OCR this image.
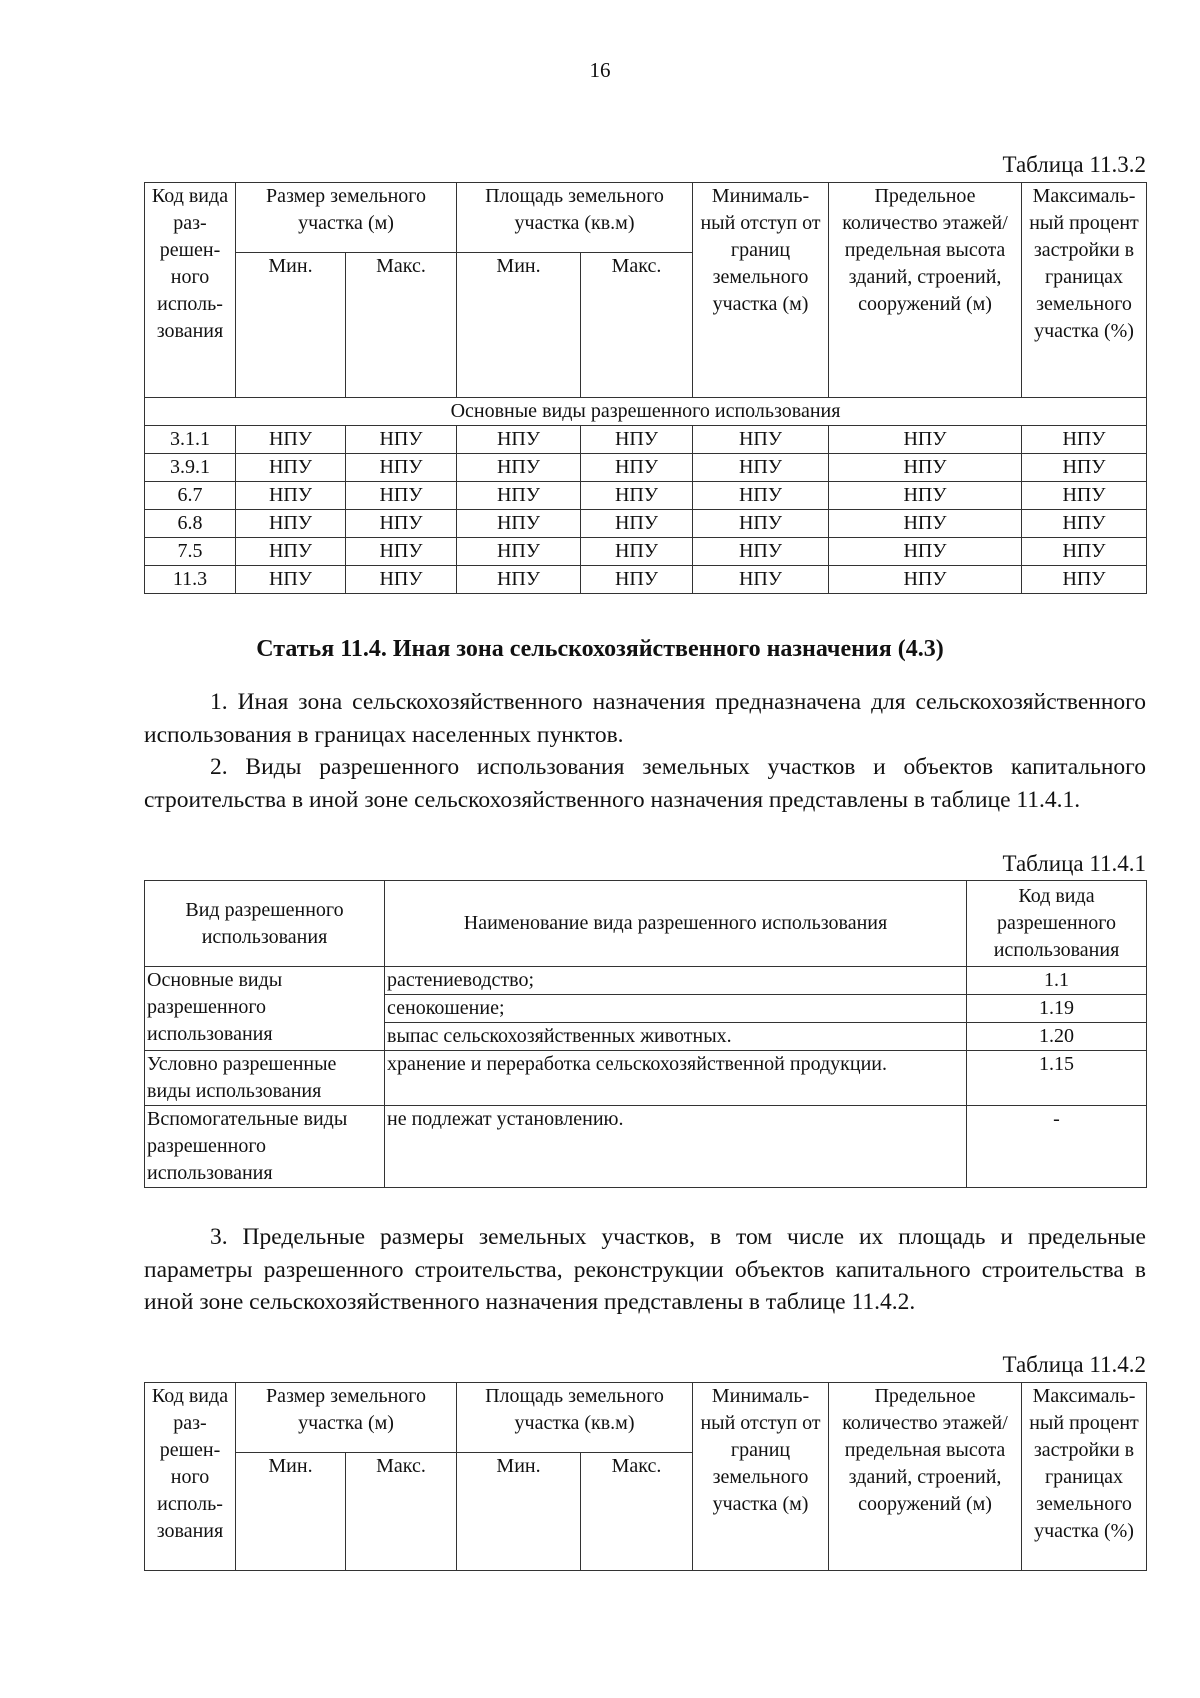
16
Таблица 11.3.2
Код вида раз-решен-ного исполь-зования	Размер земельного участка (м)		Площадь земельного участка (кв.м)		Минималь-ный отступ от границ земельного участка (м)	Предельное количество этажей/ предельная высота зданий, строений, сооружений (м)	Максималь-ный процент застройки в границах земельного участка (%)
	Мин.	Макс.	Мин.	Макс.			
Основные виды разрешенного использования							
3.1.1	НПУ	НПУ	НПУ	НПУ	НПУ	НПУ	НПУ
3.9.1	НПУ	НПУ	НПУ	НПУ	НПУ	НПУ	НПУ
6.7	НПУ	НПУ	НПУ	НПУ	НПУ	НПУ	НПУ
6.8	НПУ	НПУ	НПУ	НПУ	НПУ	НПУ	НПУ
7.5	НПУ	НПУ	НПУ	НПУ	НПУ	НПУ	НПУ
11.3	НПУ	НПУ	НПУ	НПУ	НПУ	НПУ	НПУ
Статья 11.4. Иная зона сельскохозяйственного назначения (4.3)

1. Иная зона сельскохозяйственного назначения предназначена для сельскохозяйственного использования в границах населенных пунктов.

2. Виды разрешенного использования земельных участков и объектов капитального строительства в иной зоне сельскохозяйственного назначения представлены в таблице 11.4.1.

Таблица 11.4.1
Вид разрешенного использования	Наименование вида разрешенного использования	Код вида разрешенного использования
Основные виды разрешенного использования	растениеводство;	1.1
	сенокошение;	1.19
	выпас сельскохозяйственных животных.	1.20
Условно разрешенные виды использования	хранение и переработка сельскохозяйственной продукции.	1.15
Вспомогательные виды разрешенного использования	не подлежат установлению.	-

3. Предельные размеры земельных участков, в том числе их площадь и предельные параметры разрешенного строительства, реконструкции объектов капитального строительства в иной зоне сельскохозяйственного назначения представлены в таблице 11.4.2.

Таблица 11.4.2
Код вида раз-решен-ного исполь-зования	Размер земельного участка (м)		Площадь земельного участка (кв.м)		Минималь-ный отступ от границ земельного участка (м)	Предельное количество этажей/ предельная высота зданий, строений, сооружений (м)	Максималь-ный процент застройки в границах земельного участка (%)
	Мин.	Макс.	Мин.	Макс.			
